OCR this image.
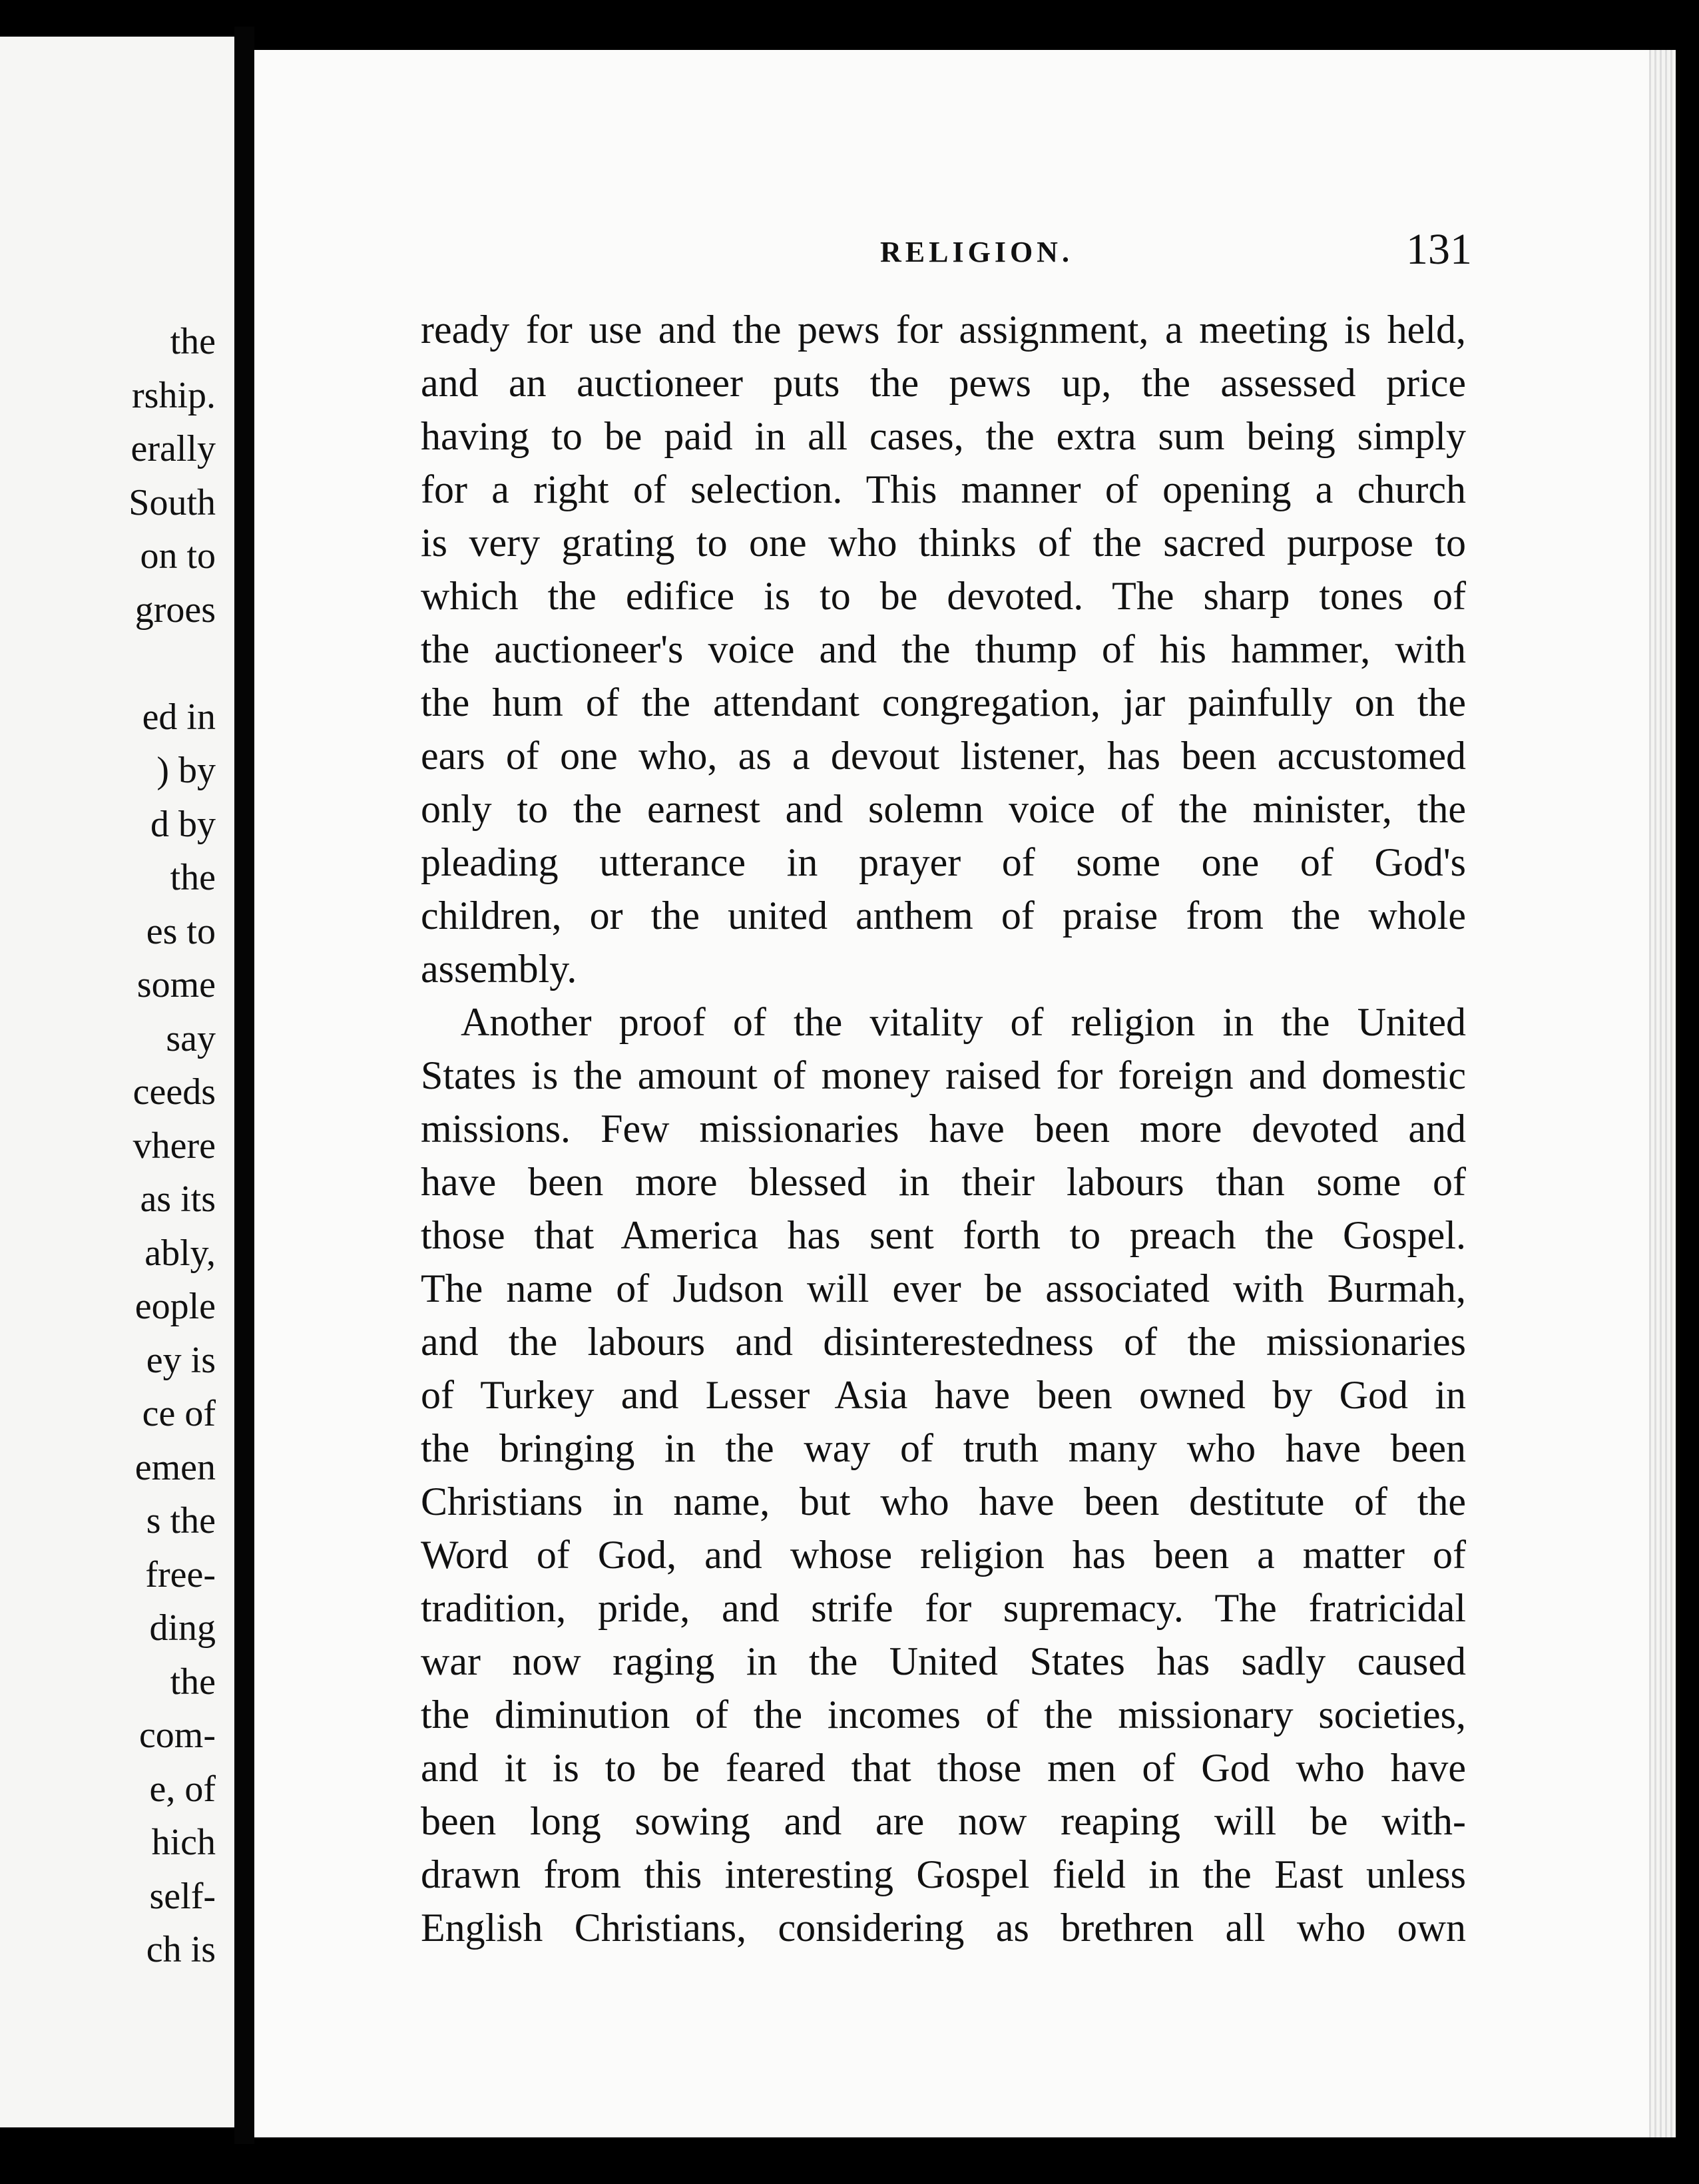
the
rship.
erally
South
on to
groes
ed in
) by
d by
the
es to
some
say
ceeds
vhere
as its
ably,
eople
ey is
ce of
emen
s the
free-
ding
the
com-
e, of
hich
self-
ch is
RELIGION.	131
ready for use and the pews for assignment, a meeting is held,
and an auctioneer puts the pews up, the assessed price
having to be paid in all cases, the extra sum being simply
for a right of selection. This manner of opening a church
is very grating to one who thinks of the sacred purpose to
which the edifice is to be devoted. The sharp tones of
the auctioneer's voice and the thump of his hammer, with
the hum of the attendant congregation, jar painfully on the
ears of one who, as a devout listener, has been accustomed
only to the earnest and solemn voice of the minister, the
pleading utterance in prayer of some one of God's
children, or the united anthem of praise from the whole
assembly.
Another proof of the vitality of religion in the United
States is the amount of money raised for foreign and domestic
missions. Few missionaries have been more devoted and
have been more blessed in their labours than some of
those that America has sent forth to preach the Gospel.
The name of Judson will ever be associated with Burmah,
and the labours and disinterestedness of the missionaries
of Turkey and Lesser Asia have been owned by God in
the bringing in the way of truth many who have been
Christians in name, but who have been destitute of the
Word of God, and whose religion has been a matter of
tradition, pride, and strife for supremacy. The fratricidal
war now raging in the United States has sadly caused
the diminution of the incomes of the missionary societies,
and it is to be feared that those men of God who have
been long sowing and are now reaping will be with-
drawn from this interesting Gospel field in the East unless
English Christians, considering as brethren all who own
